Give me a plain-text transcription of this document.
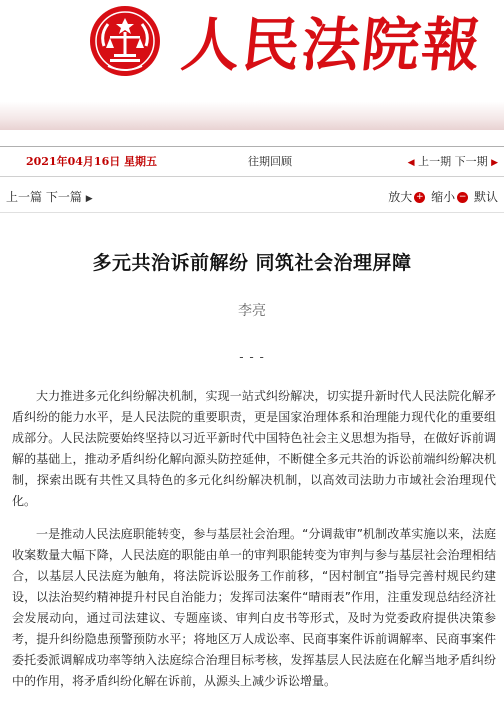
人民法院報
2021年04月16日 星期五	往期回顾	◀ 上一期 下一期 ▶
上一篇 下一篇 ▶	放大 + 缩小 − 默认
多元共治诉前解纷 同筑社会治理屏障
李亮
- - -

大力推进多元化纠纷解决机制，实现一站式纠纷解决，切实提升新时代人民法院化解矛盾纠纷的能力水平，是人民法院的重要职责，更是国家治理体系和治理能力现代化的重要组成部分。人民法院要始终坚持以习近平新时代中国特色社会主义思想为指导，在做好诉前调解的基础上，推动矛盾纠纷化解向源头防控延伸，不断健全多元共治的诉讼前端纠纷解决机制，探索出既有共性又具特色的多元化纠纷解决机制，以高效司法助力市域社会治理现代化。

一是推动人民法庭职能转变，参与基层社会治理。“分调裁审”机制改革实施以来，法庭收案数量大幅下降，人民法庭的职能由单一的审判职能转变为审判与参与基层社会治理相结合，以基层人民法庭为触角，将法院诉讼服务工作前移，“因村制宜”指导完善村规民约建设，以法治契约精神提升村民自治能力；发挥司法案件“晴雨表”作用，注重发现总结经济社会发展动向，通过司法建议、专题座谈、审判白皮书等形式，及时为党委政府提供决策参考，提升纠纷隐患预警预防水平；将地区万人成讼率、民商事案件诉前调解率、民商事案件委托委派调解成功率等纳入法庭综合治理目标考核，发挥基层人民法庭在化解当地矛盾纠纷中的作用，将矛盾纠纷化解在诉前，从源头上减少诉讼增量。
